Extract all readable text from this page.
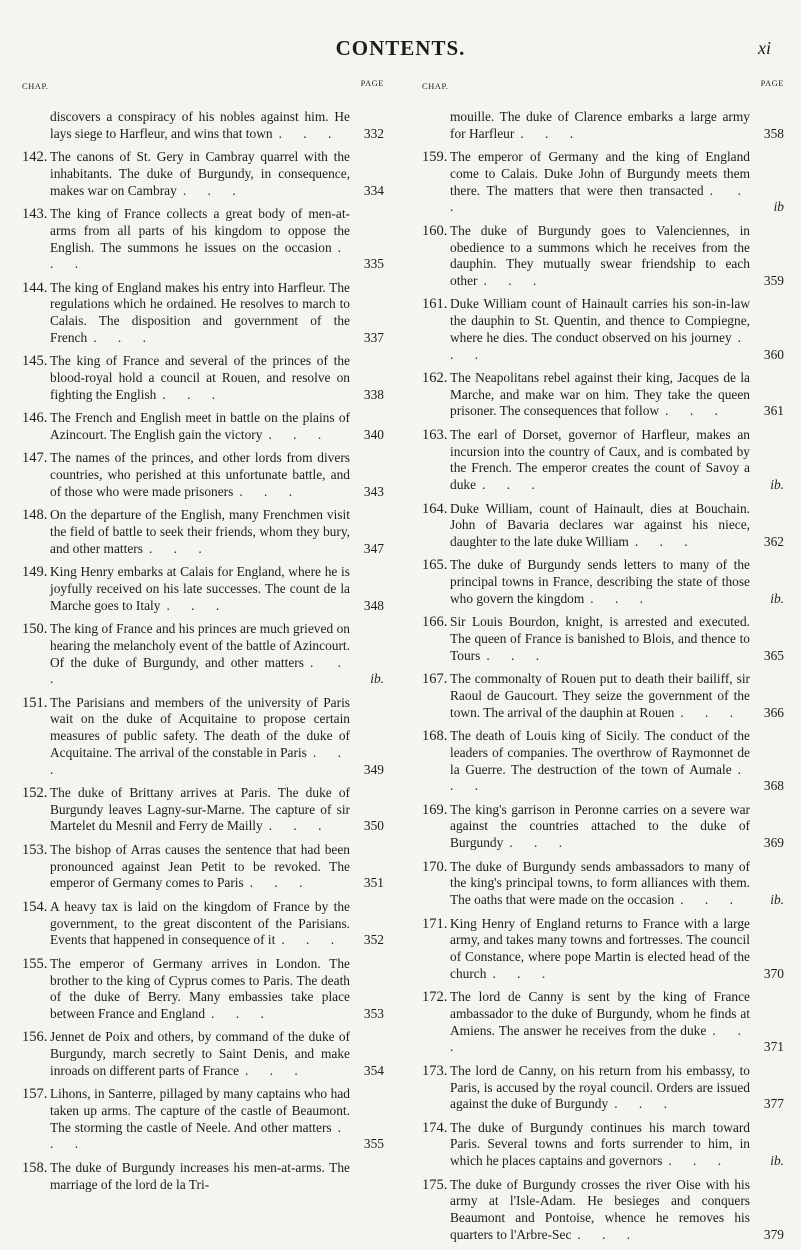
CONTENTS.	xi
CHAP.	PAGE
discovers a conspiracy of his nobles against him. He lays siege to Harfleur, and wins that town . . .	332
142. The canons of St. Gery in Cambray quarrel with the inhabitants. The duke of Burgundy, in consequence, makes war on Cambray . . .	334
143. The king of France collects a great body of men-at-arms from all parts of his kingdom to oppose the English. The summons he issues on the occasion . . .	335
144. The king of England makes his entry into Harfleur. The regulations which he ordained. He resolves to march to Calais. The disposition and government of the French . . .	337
145. The king of France and several of the princes of the blood-royal hold a council at Rouen, and resolve on fighting the English . . .	338
146. The French and English meet in battle on the plains of Azincourt. The English gain the victory . . .	340
147. The names of the princes, and other lords from divers countries, who perished at this unfortunate battle, and of those who were made prisoners . . .	343
148. On the departure of the English, many Frenchmen visit the field of battle to seek their friends, whom they bury, and other matters . . .	347
149. King Henry embarks at Calais for England, where he is joyfully received on his late successes. The count de la Marche goes to Italy . . .	348
150. The king of France and his princes are much grieved on hearing the melancholy event of the battle of Azincourt. Of the duke of Burgundy, and other matters . . .	ib.
151. The Parisians and members of the university of Paris wait on the duke of Acquitaine to propose certain measures of public safety. The death of the duke of Acquitaine. The arrival of the constable in Paris . . .	349
152. The duke of Brittany arrives at Paris. The duke of Burgundy leaves Lagny-sur-Marne. The capture of sir Martelet du Mesnil and Ferry de Mailly . . .	350
153. The bishop of Arras causes the sentence that had been pronounced against Jean Petit to be revoked. The emperor of Germany comes to Paris . . .	351
154. A heavy tax is laid on the kingdom of France by the government, to the great discontent of the Parisians. Events that happened in consequence of it . . .	352
155. The emperor of Germany arrives in London. The brother to the king of Cyprus comes to Paris. The death of the duke of Berry. Many embassies take place between France and England . . .	353
156. Jennet de Poix and others, by command of the duke of Burgundy, march secretly to Saint Denis, and make inroads on different parts of France . . .	354
157. Lihons, in Santerre, pillaged by many captains who had taken up arms. The capture of the castle of Beaumont. The storming the castle of Neele. And other matters . . .	355
158. The duke of Burgundy increases his men-at-arms. The marriage of the lord de la Tri-
CHAP.	PAGE
mouille. The duke of Clarence embarks a large army for Harfleur . . .	358
159. The emperor of Germany and the king of England come to Calais. Duke John of Burgundy meets them there. The matters that were then transacted . . .	ib
160. The duke of Burgundy goes to Valenciennes, in obedience to a summons which he receives from the dauphin. They mutually swear friendship to each other . . .	359
161. Duke William count of Hainault carries his son-in-law the dauphin to St. Quentin, and thence to Compiegne, where he dies. The conduct observed on his journey . . .	360
162. The Neapolitans rebel against their king, Jacques de la Marche, and make war on him. They take the queen prisoner. The consequences that follow . . .	361
163. The earl of Dorset, governor of Harfleur, makes an incursion into the country of Caux, and is combated by the French. The emperor creates the count of Savoy a duke . . .	ib.
164. Duke William, count of Hainault, dies at Bouchain. John of Bavaria declares war against his niece, daughter to the late duke William . . .	362
165. The duke of Burgundy sends letters to many of the principal towns in France, describing the state of those who govern the kingdom . . .	ib.
166. Sir Louis Bourdon, knight, is arrested and executed. The queen of France is banished to Blois, and thence to Tours . . .	365
167. The commonalty of Rouen put to death their bailiff, sir Raoul de Gaucourt. They seize the government of the town. The arrival of the dauphin at Rouen . . .	366
168. The death of Louis king of Sicily. The conduct of the leaders of companies. The overthrow of Raymonnet de la Guerre. The destruction of the town of Aumale . . .	368
169. The king's garrison in Peronne carries on a severe war against the countries attached to the duke of Burgundy . . .	369
170. The duke of Burgundy sends ambassadors to many of the king's principal towns, to form alliances with them. The oaths that were made on the occasion . . .	ib.
171. King Henry of England returns to France with a large army, and takes many towns and fortresses. The council of Constance, where pope Martin is elected head of the church . . .	370
172. The lord de Canny is sent by the king of France ambassador to the duke of Burgundy, whom he finds at Amiens. The answer he receives from the duke . . .	371
173. The lord de Canny, on his return from his embassy, to Paris, is accused by the royal council. Orders are issued against the duke of Burgundy . . .	377
174. The duke of Burgundy continues his march toward Paris. Several towns and forts surrender to him, in which he places captains and governors . . .	ib.
175. The duke of Burgundy crosses the river Oise with his army at l'Isle-Adam. He besieges and conquers Beaumont and Pontoise, whence he removes his quarters to l'Arbre-Sec . . .	379
